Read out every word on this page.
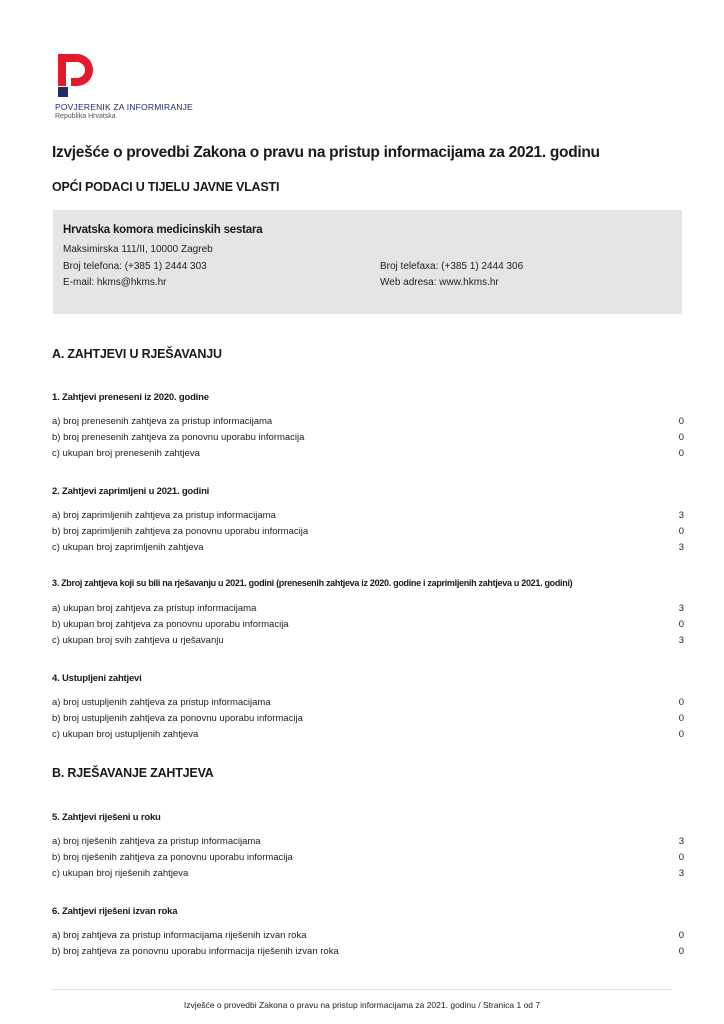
POVJERENIK ZA INFORMIRANJE
Republika Hrvatska
Izvješće o provedbi Zakona o pravu na pristup informacijama za 2021. godinu
OPĆI PODACI U TIJELU JAVNE VLASTI
Hrvatska komora medicinskih sestara
Maksimirska 111/II, 10000 Zagreb
Broj telefona: (+385 1) 2444 303	Broj telefaxa: (+385 1) 2444 306
E-mail: hkms@hkms.hr	Web adresa: www.hkms.hr
A. ZAHTJEVI U RJEŠAVANJU
1. Zahtjevi preneseni iz 2020. godine
a) broj prenesenih zahtjeva za pristup informacijama	0
b) broj prenesenih zahtjeva za ponovnu uporabu informacija	0
c) ukupan broj prenesenih zahtjeva	0
2. Zahtjevi zaprimljeni u 2021. godini
a) broj zaprimljenih zahtjeva za pristup informacijama	3
b) broj zaprimljenih zahtjeva za ponovnu uporabu informacija	0
c) ukupan broj zaprimljenih zahtjeva	3
3. Zbroj zahtjeva koji su bili na rješavanju u 2021. godini (prenesenih zahtjeva iz 2020. godine i zaprimljenih zahtjeva u 2021. godini)
a) ukupan broj zahtjeva za pristup informacijama	3
b) ukupan broj zahtjeva za ponovnu uporabu informacija	0
c) ukupan broj svih zahtjeva u rješavanju	3
4. Ustupljeni zahtjevi
a) broj ustupljenih zahtjeva za pristup informacijama	0
b) broj ustupljenih zahtjeva za ponovnu uporabu informacija	0
c) ukupan broj ustupljenih zahtjeva	0
B. RJEŠAVANJE ZAHTJEVA
5. Zahtjevi riješeni u roku
a) broj riješenih zahtjeva za pristup informacijama	3
b) broj riješenih zahtjeva za ponovnu uporabu informacija	0
c) ukupan broj riješenih zahtjeva	3
6. Zahtjevi riješeni izvan roka
a) broj zahtjeva za pristup informacijama riješenih izvan roka	0
b) broj zahtjeva za ponovnu uporabu informacija riješenih izvan roka	0
Izvješće o provedbi Zakona o pravu na pristup informacijama za 2021. godinu / Stranica 1 od 7
